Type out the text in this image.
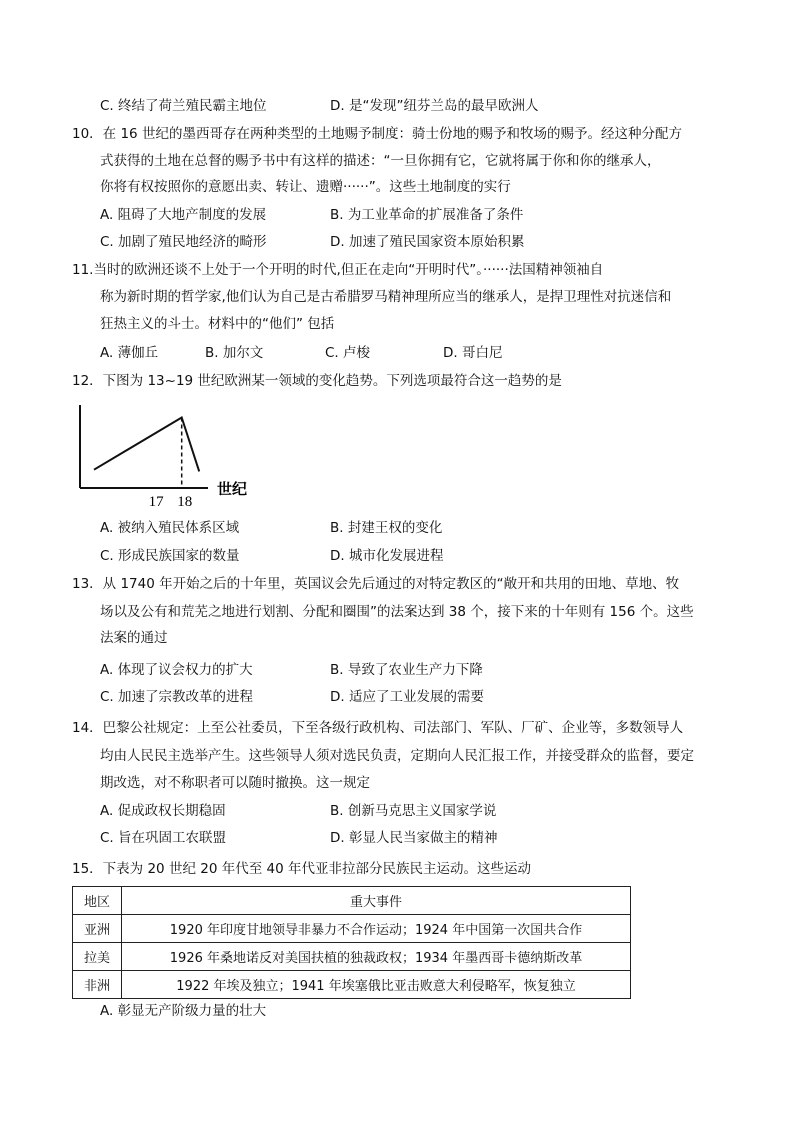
C. 终结了荷兰殖民霸主地位	D. 是“发现”纽芬兰岛的最早欧洲人
10．在 16 世纪的墨西哥存在两种类型的土地赐予制度：骑士份地的赐予和牧场的赐予。经这种分配方
式获得的土地在总督的赐予书中有这样的描述：“一旦你拥有它，它就将属于你和你的继承人，
你将有权按照你的意愿出卖、转让、遗赠······”。这些土地制度的实行
A. 阻碍了大地产制度的发展	B. 为工业革命的扩展准备了条件
C. 加剧了殖民地经济的畸形	D. 加速了殖民国家资本原始积累
11.当时的欧洲还谈不上处于一个开明的时代,但正在走向“开明时代”。······法国精神领袖自
称为新时期的哲学家,他们认为自己是古希腊罗马精神理所应当的继承人，是捍卫理性对抗迷信和
狂热主义的斗士。材料中的“他们” 包括
A. 薄伽丘	B. 加尔文	C. 卢梭	D. 哥白尼
12．下图为 13~19 世纪欧洲某一领域的变化趋势。下列选项最符合这一趋势的是
17 18
世纪
A. 被纳入殖民体系区域	B. 封建王权的变化
C. 形成民族国家的数量	D. 城市化发展进程
13．从 1740 年开始之后的十年里，英国议会先后通过的对特定教区的“敞开和共用的田地、草地、牧
场以及公有和荒芜之地进行划割、分配和圈围”的法案达到 38 个，接下来的十年则有 156 个。这些
法案的通过
A. 体现了议会权力的扩大	B. 导致了农业生产力下降
C. 加速了宗教改革的进程	D. 适应了工业发展的需要
14．巴黎公社规定：上至公社委员，下至各级行政机构、司法部门、军队、厂矿、企业等，多数领导人
均由人民民主选举产生。这些领导人须对选民负责，定期向人民汇报工作，并接受群众的监督，要定
期改选，对不称职者可以随时撤换。这一规定
A. 促成政权长期稳固	B. 创新马克思主义国家学说
C. 旨在巩固工农联盟	D. 彰显人民当家做主的精神
15．下表为 20 世纪 20 年代至 40 年代亚非拉部分民族民主运动。这些运动
地区	重大事件
亚洲	1920 年印度甘地领导非暴力不合作运动；1924 年中国第一次国共合作
拉美	1926 年桑地诺反对美国扶植的独裁政权；1934 年墨西哥卡德纳斯改革
非洲	1922 年埃及独立；1941 年埃塞俄比亚击败意大利侵略军，恢复独立
A. 彰显无产阶级力量的壮大
